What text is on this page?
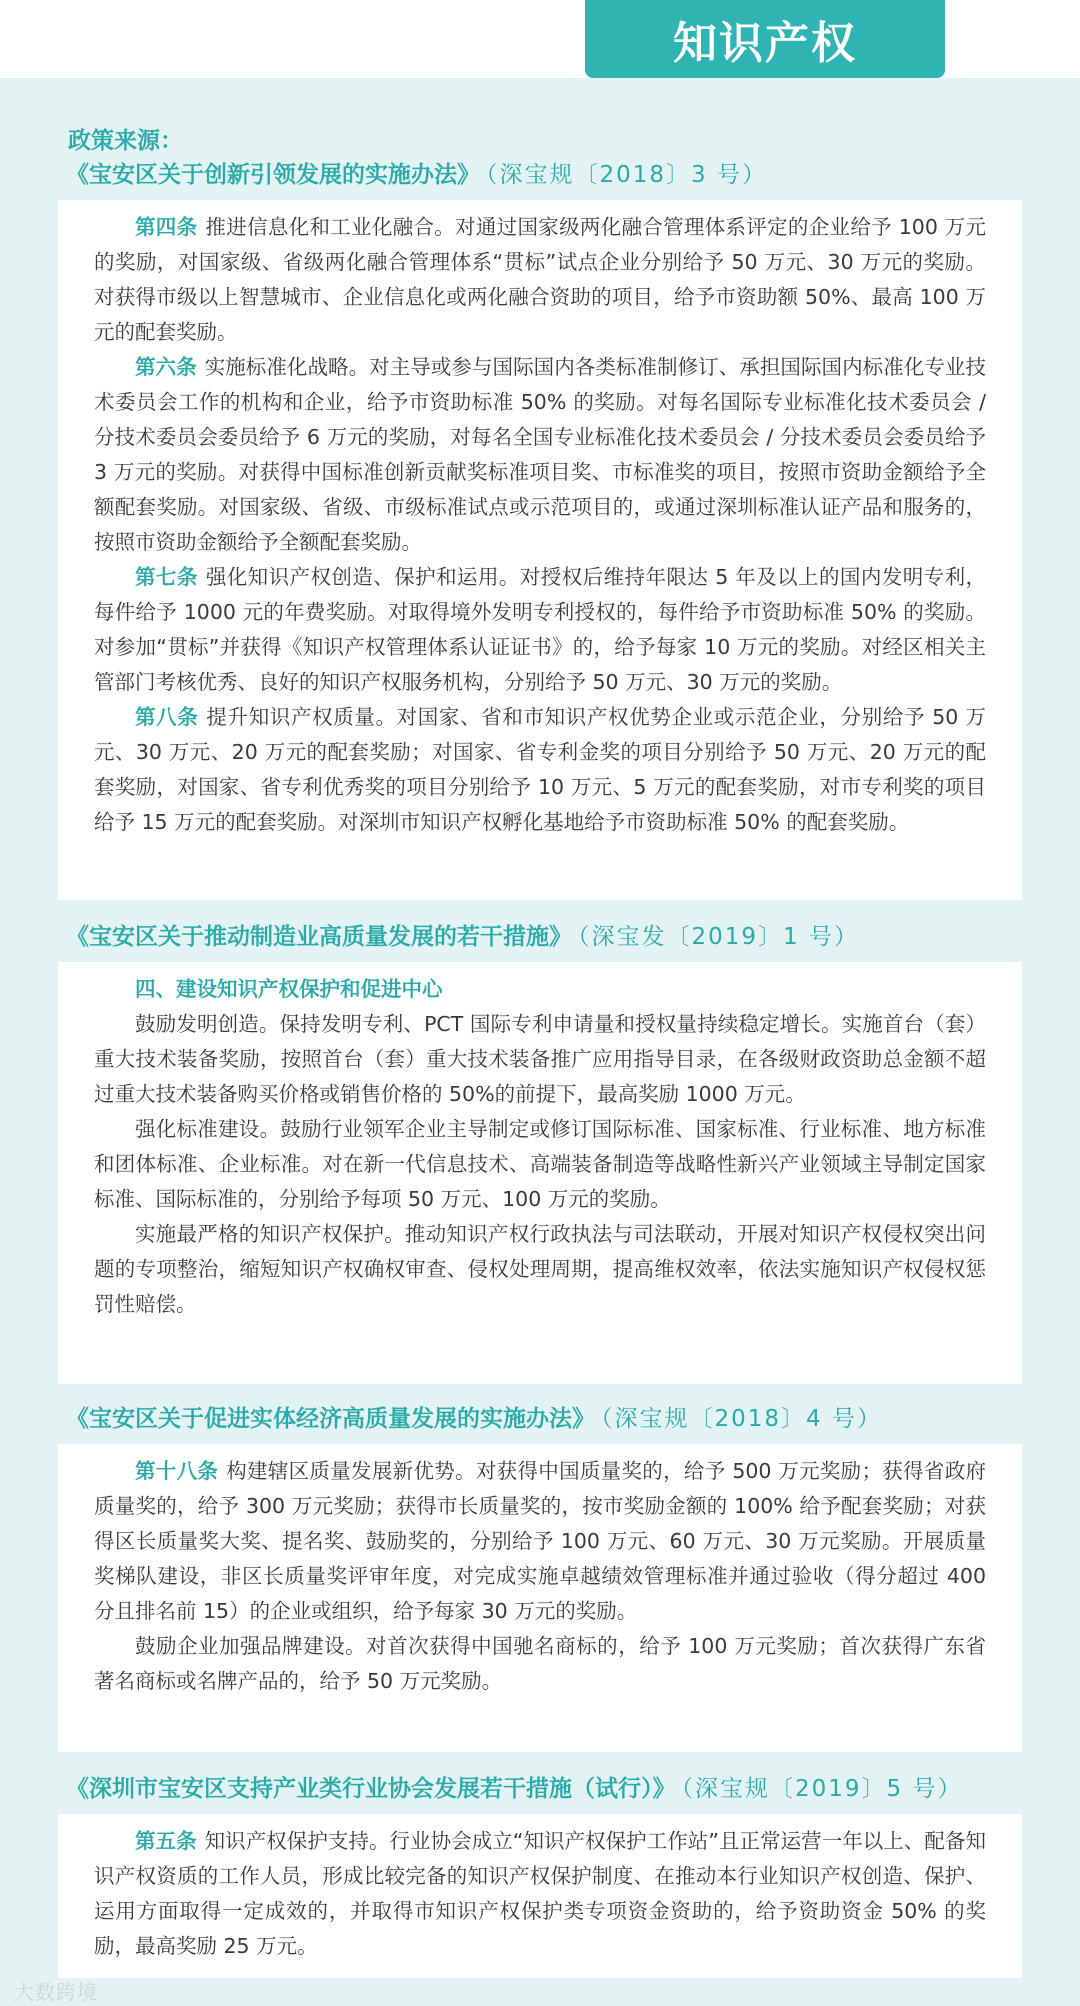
知识产权
政策来源：
《宝安区关于创新引领发展的实施办法》 （深宝规〔2018〕3 号）

第四条 推进信息化和工业化融合。对通过国家级两化融合管理体系评定的企业给予 100 万元的奖励，对国家级、省级两化融合管理体系“贯标”试点企业分别给予 50 万元、30 万元的奖励。对获得市级以上智慧城市、企业信息化或两化融合资助的项目，给予市资助额 50%、最高 100 万元的配套奖励。

第六条 实施标准化战略。对主导或参与国际国内各类标准制修订、承担国际国内标准化专业技术委员会工作的机构和企业，给予市资助标准 50% 的奖励。对每名国际专业标准化技术委员会 / 分技术委员会委员给予 6 万元的奖励，对每名全国专业标准化技术委员会 / 分技术委员会委员给予 3 万元的奖励。对获得中国标准创新贡献奖标准项目奖、市标准奖的项目，按照市资助金额给予全额配套奖励。对国家级、省级、市级标准试点或示范项目的，或通过深圳标准认证产品和服务的，按照市资助金额给予全额配套奖励。

第七条 强化知识产权创造、保护和运用。对授权后维持年限达 5 年及以上的国内发明专利，每件给予 1000 元的年费奖励。对取得境外发明专利授权的，每件给予市资助标准 50% 的奖励。对参加“贯标”并获得《知识产权管理体系认证证书》的，给予每家 10 万元的奖励。对经区相关主管部门考核优秀、良好的知识产权服务机构，分别给予 50 万元、30 万元的奖励。

第八条 提升知识产权质量。对国家、省和市知识产权优势企业或示范企业，分别给予 50 万元、30 万元、20 万元的配套奖励；对国家、省专利金奖的项目分别给予 50 万元、20 万元的配套奖励，对国家、省专利优秀奖的项目分别给予 10 万元、5 万元的配套奖励，对市专利奖的项目给予 15 万元的配套奖励。对深圳市知识产权孵化基地给予市资助标准 50% 的配套奖励。

《宝安区关于推动制造业高质量发展的若干措施》 （深宝发〔2019〕1 号）

四、建设知识产权保护和促进中心

鼓励发明创造。保持发明专利、PCT 国际专利申请量和授权量持续稳定增长。实施首台（套）重大技术装备奖励，按照首台（套）重大技术装备推广应用指导目录，在各级财政资助总金额不超过重大技术装备购买价格或销售价格的 50%的前提下，最高奖励 1000 万元。

强化标准建设。鼓励行业领军企业主导制定或修订国际标准、国家标准、行业标准、地方标准和团体标准、企业标准。对在新一代信息技术、高端装备制造等战略性新兴产业领域主导制定国家标准、国际标准的，分别给予每项 50 万元、100 万元的奖励。

实施最严格的知识产权保护。推动知识产权行政执法与司法联动，开展对知识产权侵权突出问题的专项整治，缩短知识产权确权审查、侵权处理周期，提高维权效率，依法实施知识产权侵权惩罚性赔偿。

《宝安区关于促进实体经济高质量发展的实施办法》 （深宝规〔2018〕4 号）

第十八条 构建辖区质量发展新优势。对获得中国质量奖的，给予 500 万元奖励；获得省政府质量奖的，给予 300 万元奖励；获得市长质量奖的，按市奖励金额的 100% 给予配套奖励；对获得区长质量奖大奖、提名奖、鼓励奖的，分别给予 100 万元、60 万元、30 万元奖励。开展质量奖梯队建设，非区长质量奖评审年度，对完成实施卓越绩效管理标准并通过验收（得分超过 400 分且排名前 15）的企业或组织，给予每家 30 万元的奖励。

鼓励企业加强品牌建设。对首次获得中国驰名商标的，给予 100 万元奖励；首次获得广东省著名商标或名牌产品的，给予 50 万元奖励。

《深圳市宝安区支持产业类行业协会发展若干措施（试行）》 （深宝规〔2019〕5 号）

第五条 知识产权保护支持。行业协会成立“知识产权保护工作站”且正常运营一年以上、配备知识产权资质的工作人员，形成比较完备的知识产权保护制度、在推动本行业知识产权创造、保护、运用方面取得一定成效的，并取得市知识产权保护类专项资金资助的，给予资助资金 50% 的奖励，最高奖励 25 万元。

大数跨境
